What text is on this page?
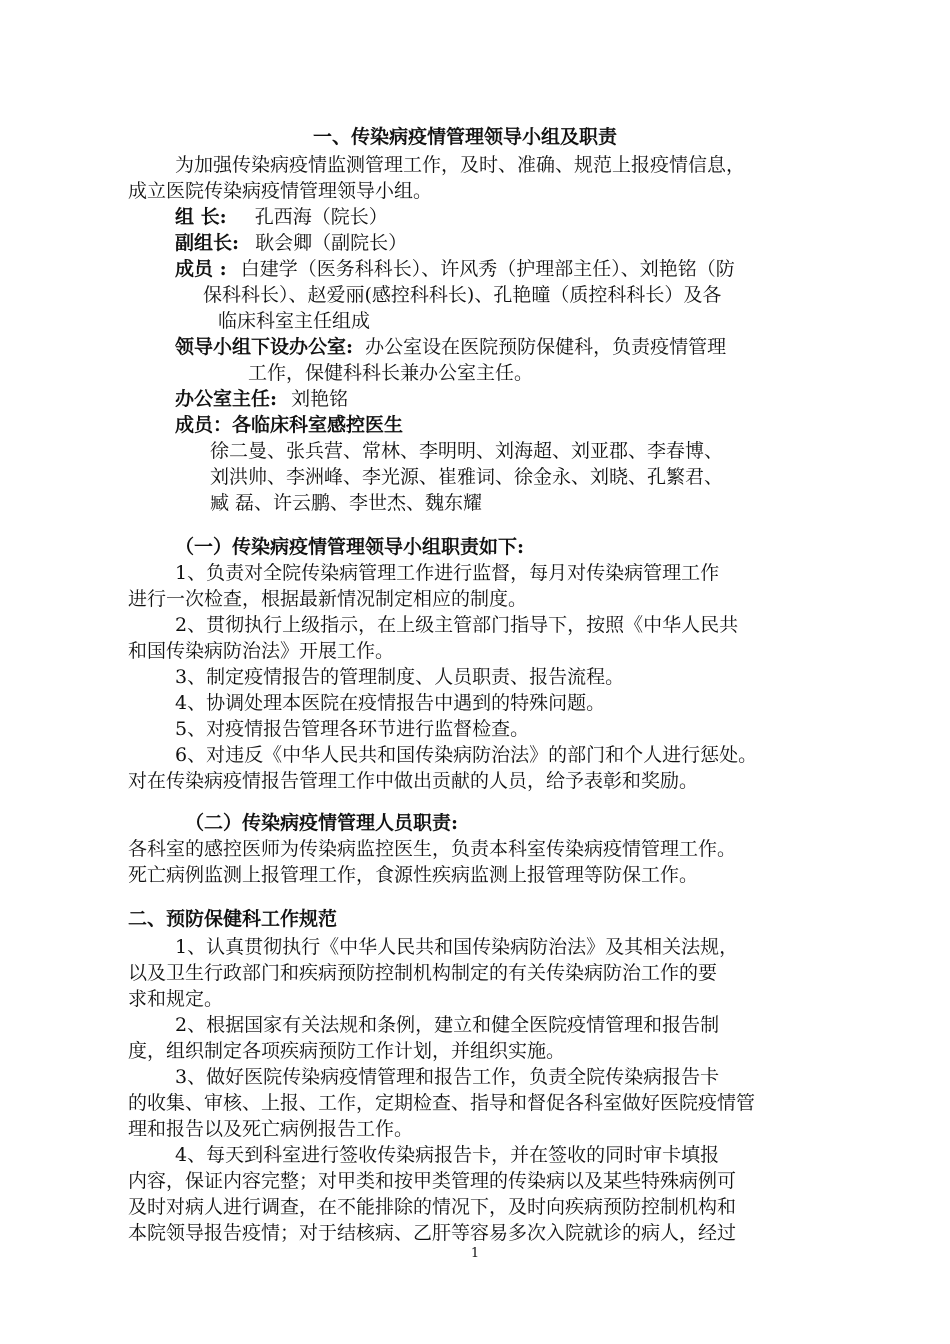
一、传染病疫情管理领导小组及职责
为加强传染病疫情监测管理工作，及时、准确、规范上报疫情信息，
成立医院传染病疫情管理领导小组。
组 长: 孔西海（院长）
副组长: 耿会卿（副院长）
成员 : 白建学（医务科科长）、许风秀（护理部主任）、刘艳铭（防
保科科长）、赵爱丽(感控科科长)、孔艳曈（质控科科长）及各
临床科室主任组成
领导小组下设办公室: 办公室设在医院预防保健科，负责疫情管理
工作，保健科科长兼办公室主任。
办公室主任: 刘艳铭
成员：各临床科室感控医生
徐二曼、张兵营、常林、李明明、刘海超、刘亚郡、李春博、
刘洪帅、李洲峰、李光源、崔雅词、徐金永、刘晓、孔繁君、
臧 磊、许云鹏、李世杰、魏东耀
（一）传染病疫情管理领导小组职责如下:
1、负责对全院传染病管理工作进行监督，每月对传染病管理工作
进行一次检查，根据最新情况制定相应的制度。
2、贯彻执行上级指示，在上级主管部门指导下，按照《中华人民共
和国传染病防治法》开展工作。
3、制定疫情报告的管理制度、人员职责、报告流程。
4、协调处理本医院在疫情报告中遇到的特殊问题。
5、对疫情报告管理各环节进行监督检查。
6、对违反《中华人民共和国传染病防治法》的部门和个人进行惩处。
对在传染病疫情报告管理工作中做出贡献的人员，给予表彰和奖励。
（二）传染病疫情管理人员职责:
各科室的感控医师为传染病监控医生，负责本科室传染病疫情管理工作。
死亡病例监测上报管理工作，食源性疾病监测上报管理等防保工作。
二、预防保健科工作规范
1、认真贯彻执行《中华人民共和国传染病防治法》及其相关法规，
以及卫生行政部门和疾病预防控制机构制定的有关传染病防治工作的要
求和规定。
2、根据国家有关法规和条例，建立和健全医院疫情管理和报告制
度，组织制定各项疾病预防工作计划，并组织实施。
3、做好医院传染病疫情管理和报告工作，负责全院传染病报告卡
的收集、审核、上报、工作，定期检查、指导和督促各科室做好医院疫情管
理和报告以及死亡病例报告工作。
4、每天到科室进行签收传染病报告卡，并在签收的同时审卡填报
内容，保证内容完整；对甲类和按甲类管理的传染病以及某些特殊病例可
及时对病人进行调查，在不能排除的情况下，及时向疾病预防控制机构和
本院领导报告疫情；对于结核病、乙肝等容易多次入院就诊的病人，经过
1
